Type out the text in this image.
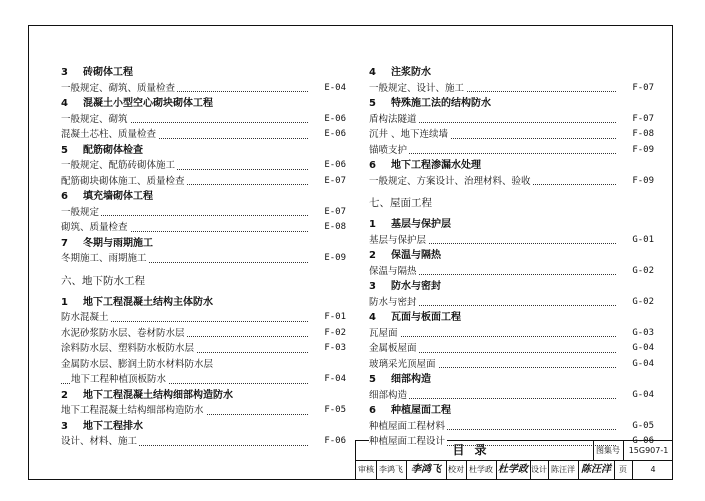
3 砖砌体工程
一般规定、砌筑、质量检查	E-04
4 混凝土小型空心砌块砌体工程
一般规定、砌筑	E-06
混凝土芯柱、质量检查	E-06
5 配筋砌体检查
一般规定、配筋砖砌体施工	E-06
配筋砌块砌体施工、质量检查	E-07
6 填充墙砌体工程
一般规定	E-07
砌筑、质量检查	E-08
7 冬期与雨期施工
冬期施工、雨期施工	E-09
六、地下防水工程
1 地下工程混凝土结构主体防水
防水混凝土	F-01
水泥砂浆防水层、卷材防水层	F-02
涂料防水层、塑料防水板防水层	F-03
金属防水层、膨润土防水材料防水层
地下工程种植顶板防水	F-04
2 地下工程混凝土结构细部构造防水
地下工程混凝土结构细部构造防水	F-05
3 地下工程排水
设计、材料、施工	F-06
4 注浆防水
一般规定、设计、施工	F-07
5 特殊施工法的结构防水
盾构法隧道	F-07
沉井 、地下连续墙	F-08
锚喷支护	F-09
6 地下工程渗漏水处理
一般规定、方案设计、治理材料、验收	F-09
七、屋面工程
1 基层与保护层
基层与保护层	G-01
2 保温与隔热
保温与隔热	G-02
3 防水与密封
防水与密封	G-02
4 瓦面与板面工程
瓦屋面	G-03
金属板屋面	G-04
玻璃采光顶屋面	G-04
5 细部构造
细部构造	G-04
6 种植屋面工程
种植屋面工程材料	G-05
种植屋面工程设计	G-06
目录	图集号	15G907-1
审核 李鸿飞 李鸿飞 校对 杜学政 杜学政 设计 陈汪洋 陈汪洋	页	4
